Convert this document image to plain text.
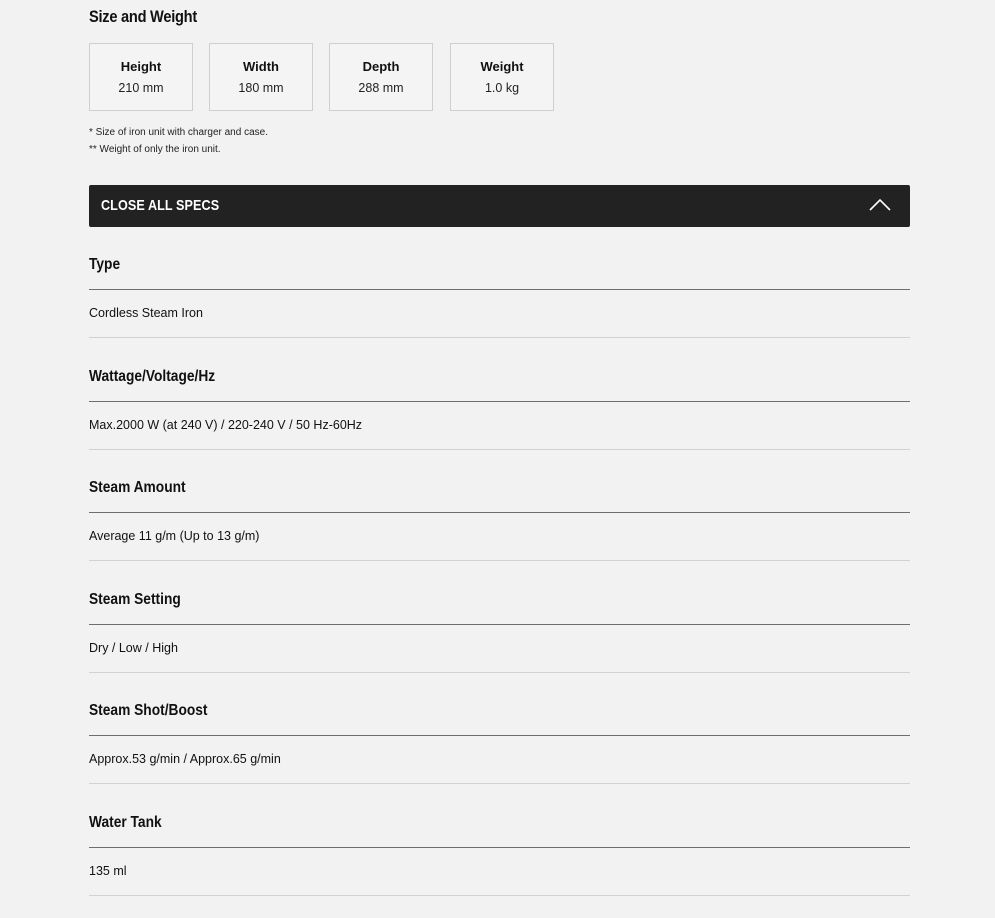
Size and Weight
Height
210 mm
Width
180 mm
Depth
288 mm
Weight
1.0 kg
* Size of iron unit with charger and case.
** Weight of only the iron unit.
CLOSE ALL SPECS
Type
Cordless Steam Iron
Wattage/Voltage/Hz
Max.2000 W (at 240 V) / 220-240 V / 50 Hz-60Hz
Steam Amount
Average 11 g/m (Up to 13 g/m)
Steam Setting
Dry / Low / High
Steam Shot/Boost
Approx.53 g/min / Approx.65 g/min
Water Tank
135 ml
